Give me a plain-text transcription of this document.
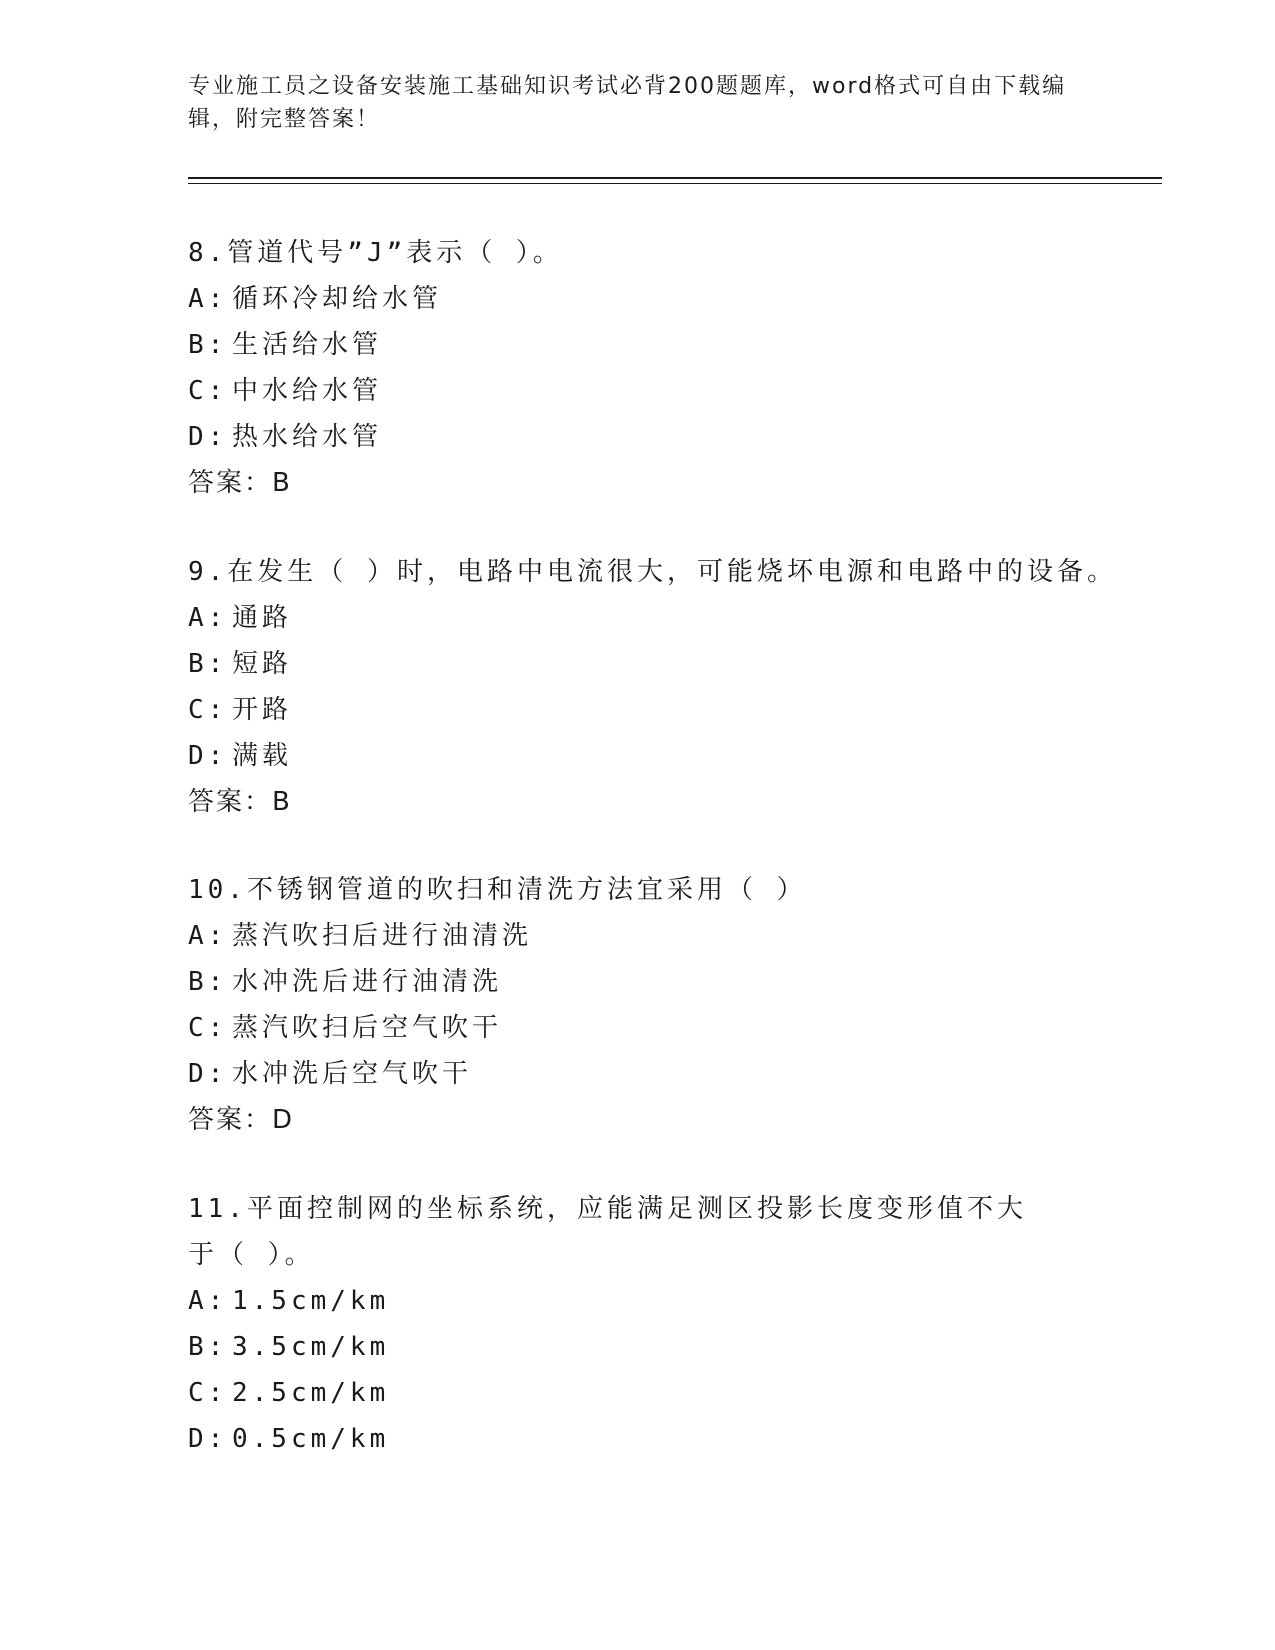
专业施工员之设备安装施工基础知识考试必背200题题库，word格式可自由下载编辑，附完整答案！
8.管道代号”J”表示（ ）。
A: 循环冷却给水管
B: 生活给水管
C: 中水给水管
D: 热水给水管
答案：B
9.在发生（ ）时，电路中电流很大，可能烧坏电源和电路中的设备。
A: 通路
B: 短路
C: 开路
D: 满载
答案：B
10.不锈钢管道的吹扫和清洗方法宜采用（ ）
A: 蒸汽吹扫后进行油清洗
B: 水冲洗后进行油清洗
C: 蒸汽吹扫后空气吹干
D: 水冲洗后空气吹干
答案：D
11.平面控制网的坐标系统，应能满足测区投影长度变形值不大于（ ）。
A: 1.5cm/km
B: 3.5cm/km
C: 2.5cm/km
D: 0.5cm/km
